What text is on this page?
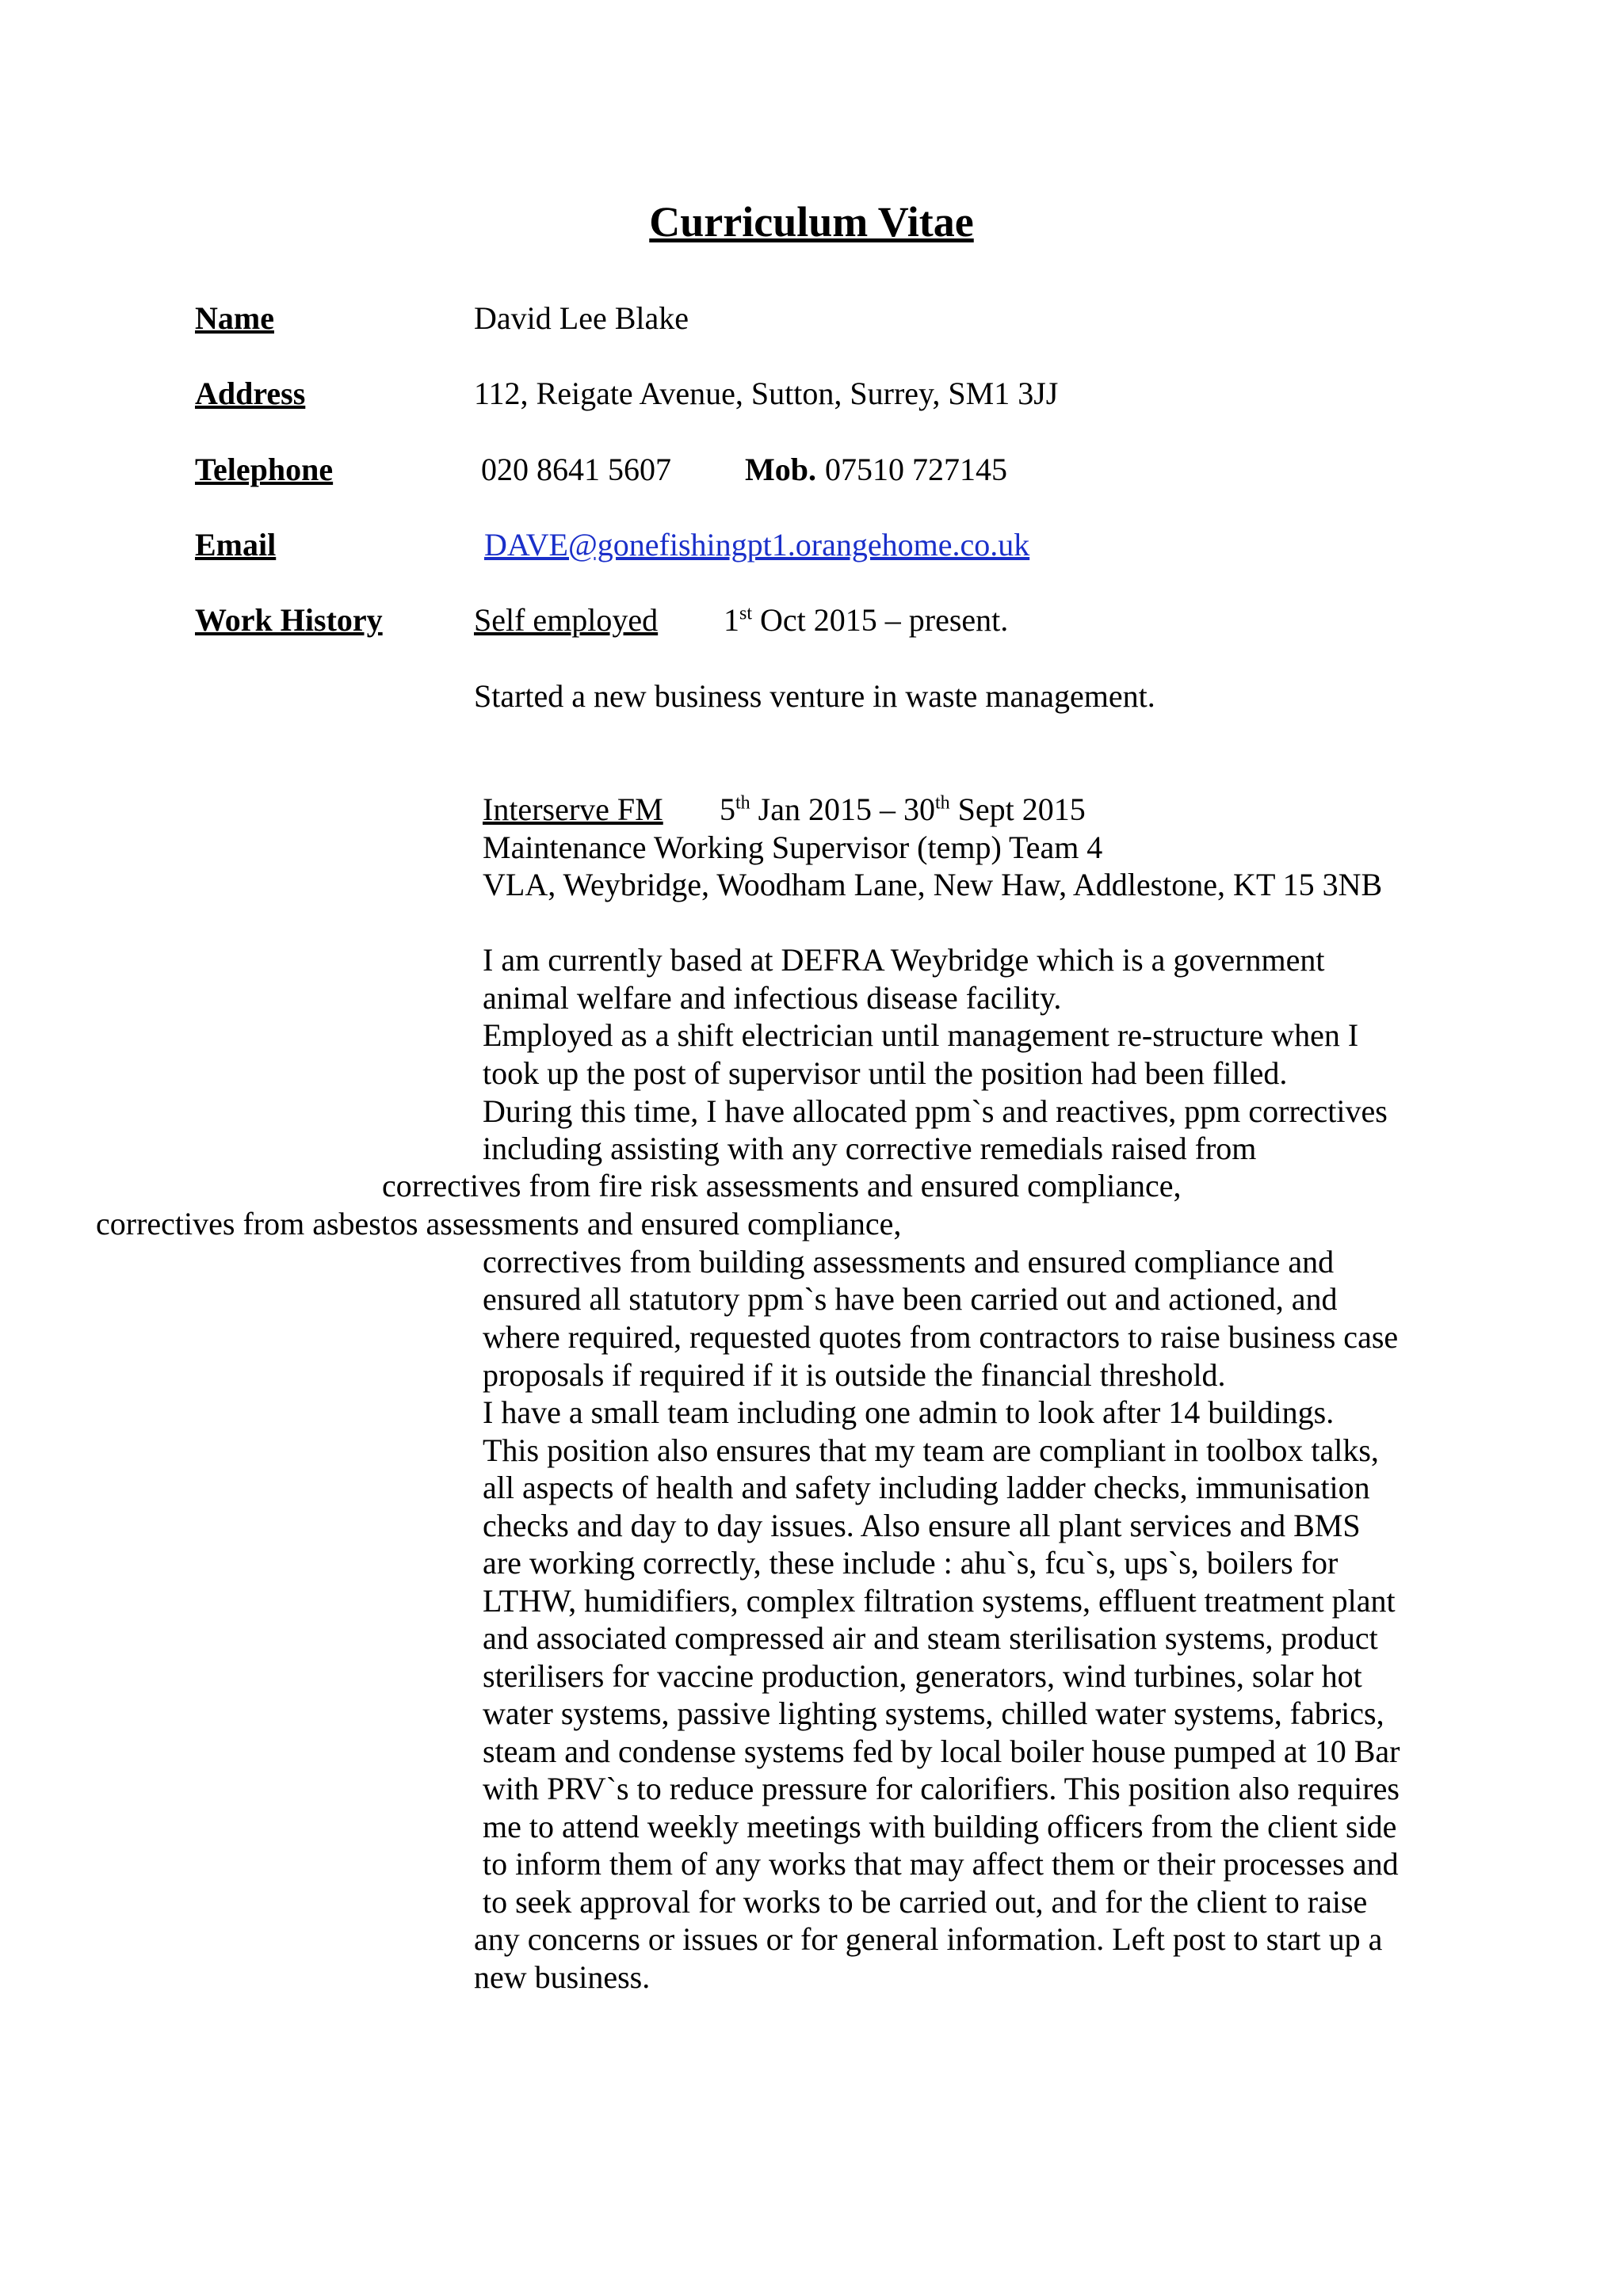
Curriculum Vitae
Name	David Lee Blake
Address	112, Reigate Avenue, Sutton, Surrey, SM1 3JJ
Telephone	020 8641 5607 Mob. 07510 727145
Email	DAVE@gonefishingpt1.orangehome.co.uk
Work History	Self employed 1st Oct 2015 – present.
Started a new business venture in waste management.
Interserve FM 5th Jan 2015 – 30th Sept 2015
Maintenance Working Supervisor (temp) Team 4
VLA, Weybridge, Woodham Lane, New Haw, Addlestone, KT 15 3NB
I am currently based at DEFRA Weybridge which is a government
animal welfare and infectious disease facility.
Employed as a shift electrician until management re-structure when I
took up the post of supervisor until the position had been filled.
During this time, I have allocated ppm`s and reactives, ppm correctives
including assisting with any corrective remedials raised from
correctives from fire risk assessments and ensured compliance,
correctives from asbestos assessments and ensured compliance,
correctives from building assessments and ensured compliance and
ensured all statutory ppm`s have been carried out and actioned, and
where required, requested quotes from contractors to raise business case
proposals if required if it is outside the financial threshold.
I have a small team including one admin to look after 14 buildings.
This position also ensures that my team are compliant in toolbox talks,
all aspects of health and safety including ladder checks, immunisation
checks and day to day issues. Also ensure all plant services and BMS
are working correctly, these include : ahu`s, fcu`s, ups`s, boilers for
LTHW, humidifiers, complex filtration systems, effluent treatment plant
and associated compressed air and steam sterilisation systems, product
sterilisers for vaccine production, generators, wind turbines, solar hot
water systems, passive lighting systems, chilled water systems, fabrics,
steam and condense systems fed by local boiler house pumped at 10 Bar
with PRV`s to reduce pressure for calorifiers. This position also requires
me to attend weekly meetings with building officers from the client side
to inform them of any works that may affect them or their processes and
to seek approval for works to be carried out, and for the client to raise
any concerns or issues or for general information. Left post to start up a
new business.
